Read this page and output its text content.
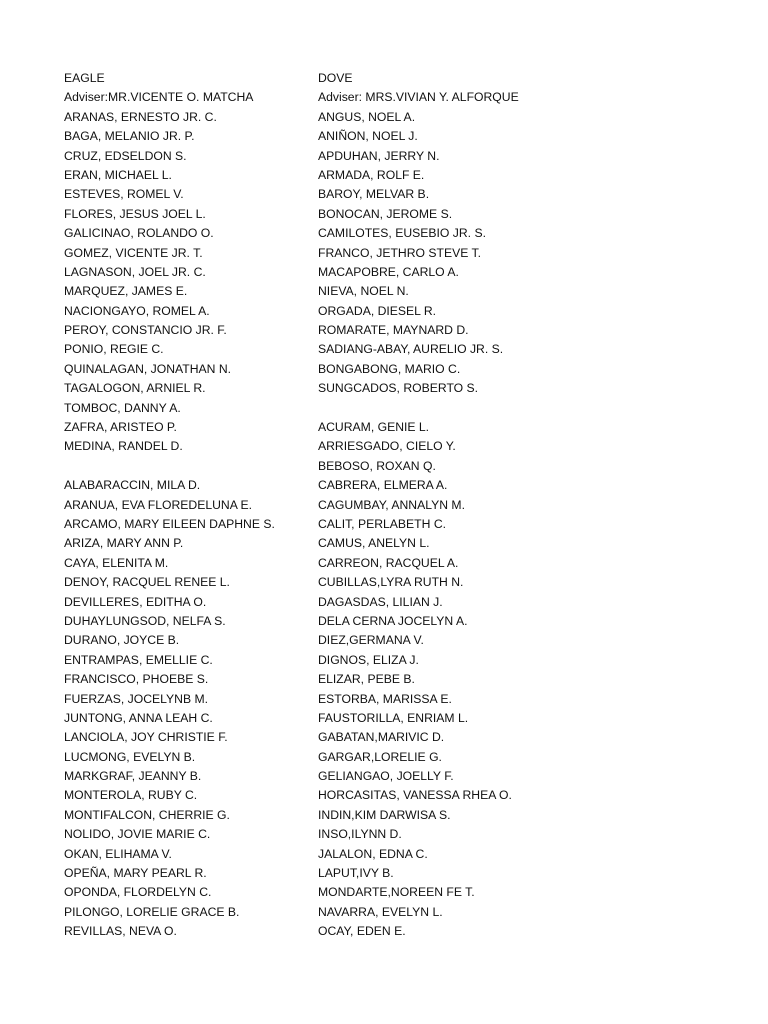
EAGLE
Adviser:MR.VICENTE O. MATCHA
ARANAS, ERNESTO JR. C.
BAGA, MELANIO JR. P.
CRUZ, EDSELDON S.
ERAN, MICHAEL L.
ESTEVES, ROMEL V.
FLORES, JESUS JOEL L.
GALICINAO, ROLANDO O.
GOMEZ, VICENTE JR. T.
LAGNASON, JOEL JR. C.
MARQUEZ, JAMES E.
NACIONGAYO, ROMEL A.
PEROY, CONSTANCIO JR. F.
PONIO, REGIE C.
QUINALAGAN, JONATHAN N.
TAGALOGON, ARNIEL R.
TOMBOC, DANNY A.
ZAFRA, ARISTEO P.
MEDINA, RANDEL D.
ALABARACCIN, MILA D.
ARANUA, EVA FLOREDELUNA E.
ARCAMO, MARY EILEEN DAPHNE S.
ARIZA, MARY ANN P.
CAYA, ELENITA M.
DENOY, RACQUEL RENEE L.
DEVILLERES, EDITHA O.
DUHAYLUNGSOD, NELFA S.
DURANO, JOYCE B.
ENTRAMPAS, EMELLIE C.
FRANCISCO, PHOEBE S.
FUERZAS, JOCELYNB M.
JUNTONG, ANNA LEAH C.
LANCIOLA, JOY CHRISTIE F.
LUCMONG, EVELYN B.
MARKGRAF, JEANNY B.
MONTEROLA, RUBY C.
MONTIFALCON, CHERRIE G.
NOLIDO, JOVIE MARIE C.
OKAN, ELIHAMA V.
OPEÑA, MARY PEARL R.
OPONDA, FLORDELYN C.
PILONGO, LORELIE GRACE B.
REVILLAS, NEVA O.
DOVE
Adviser: MRS.VIVIAN Y. ALFORQUE
ANGUS, NOEL A.
ANIÑON, NOEL J.
APDUHAN, JERRY N.
ARMADA, ROLF E.
BAROY, MELVAR B.
BONOCAN, JEROME S.
CAMILOTES, EUSEBIO JR. S.
FRANCO, JETHRO STEVE T.
MACAPOBRE, CARLO A.
NIEVA, NOEL N.
ORGADA, DIESEL R.
ROMARATE, MAYNARD D.
SADIANG-ABAY, AURELIO JR. S.
BONGABONG, MARIO C.
SUNGCADOS, ROBERTO S.
ACURAM, GENIE L.
ARRIESGADO, CIELO Y.
BEBOSO, ROXAN Q.
CABRERA, ELMERA A.
CAGUMBAY, ANNALYN M.
CALIT, PERLABETH C.
CAMUS, ANELYN L.
CARREON, RACQUEL A.
CUBILLAS,LYRA RUTH N.
DAGASDAS, LILIAN J.
DELA CERNA JOCELYN A.
DIEZ,GERMANA V.
DIGNOS, ELIZA J.
ELIZAR, PEBE B.
ESTORBA, MARISSA E.
FAUSTORILLA, ENRIAM L.
GABATAN,MARIVIC D.
GARGAR,LORELIE G.
GELIANGAO, JOELLY F.
HORCASITAS, VANESSA RHEA O.
INDIN,KIM DARWISA S.
INSO,ILYNN D.
JALALON, EDNA C.
LAPUT,IVY B.
MONDARTE,NOREEN FE T.
NAVARRA, EVELYN L.
OCAY, EDEN E.
